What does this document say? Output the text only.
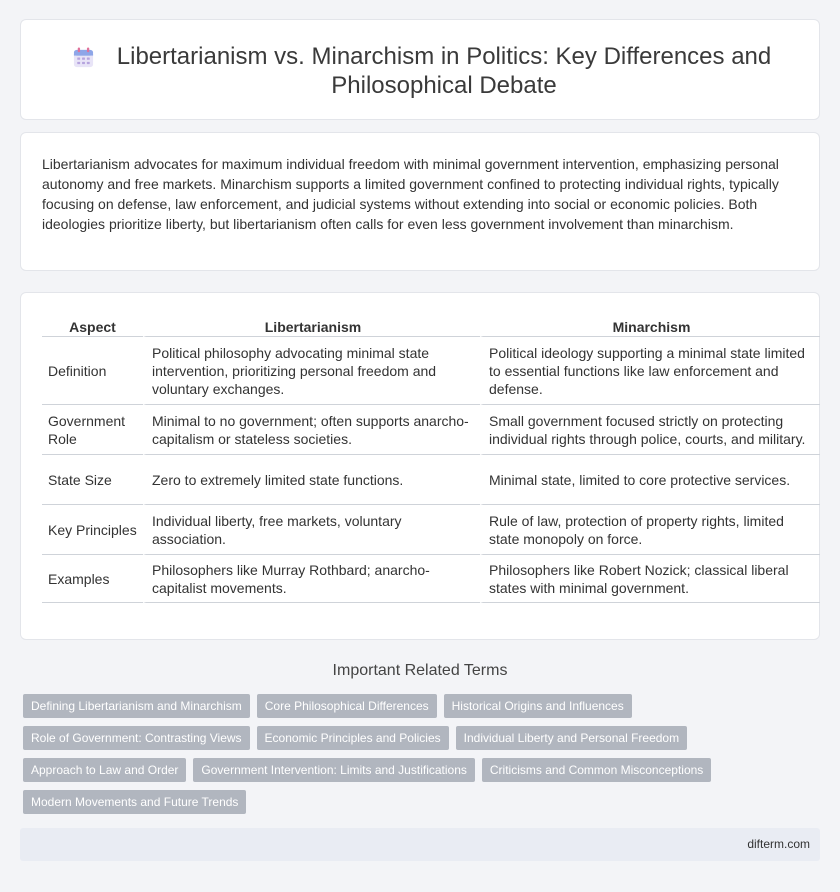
Libertarianism vs. Minarchism in Politics: Key Differences and Philosophical Debate

Libertarianism advocates for maximum individual freedom with minimal government intervention, emphasizing personal autonomy and free markets. Minarchism supports a limited government confined to protecting individual rights, typically focusing on defense, law enforcement, and judicial systems without extending into social or economic policies. Both ideologies prioritize liberty, but libertarianism often calls for even less government involvement than minarchism.

Aspect	Libertarianism	Minarchism
Definition	Political philosophy advocating minimal state intervention, prioritizing personal freedom and voluntary exchanges.	Political ideology supporting a minimal state limited to essential functions like law enforcement and defense.
Government Role	Minimal to no government; often supports anarcho-capitalism or stateless societies.	Small government focused strictly on protecting individual rights through police, courts, and military.
State Size	Zero to extremely limited state functions.	Minimal state, limited to core protective services.
Key Principles	Individual liberty, free markets, voluntary association.	Rule of law, protection of property rights, limited state monopoly on force.
Examples	Philosophers like Murray Rothbard; anarcho-capitalist movements.	Philosophers like Robert Nozick; classical liberal states with minimal government.
Important Related Terms
Defining Libertarianism and Minarchism	Core Philosophical Differences	Historical Origins and Influences
Role of Government: Contrasting Views	Economic Principles and Policies	Individual Liberty and Personal Freedom
Approach to Law and Order	Government Intervention: Limits and Justifications	Criticisms and Common Misconceptions
Modern Movements and Future Trends
difterm.com
